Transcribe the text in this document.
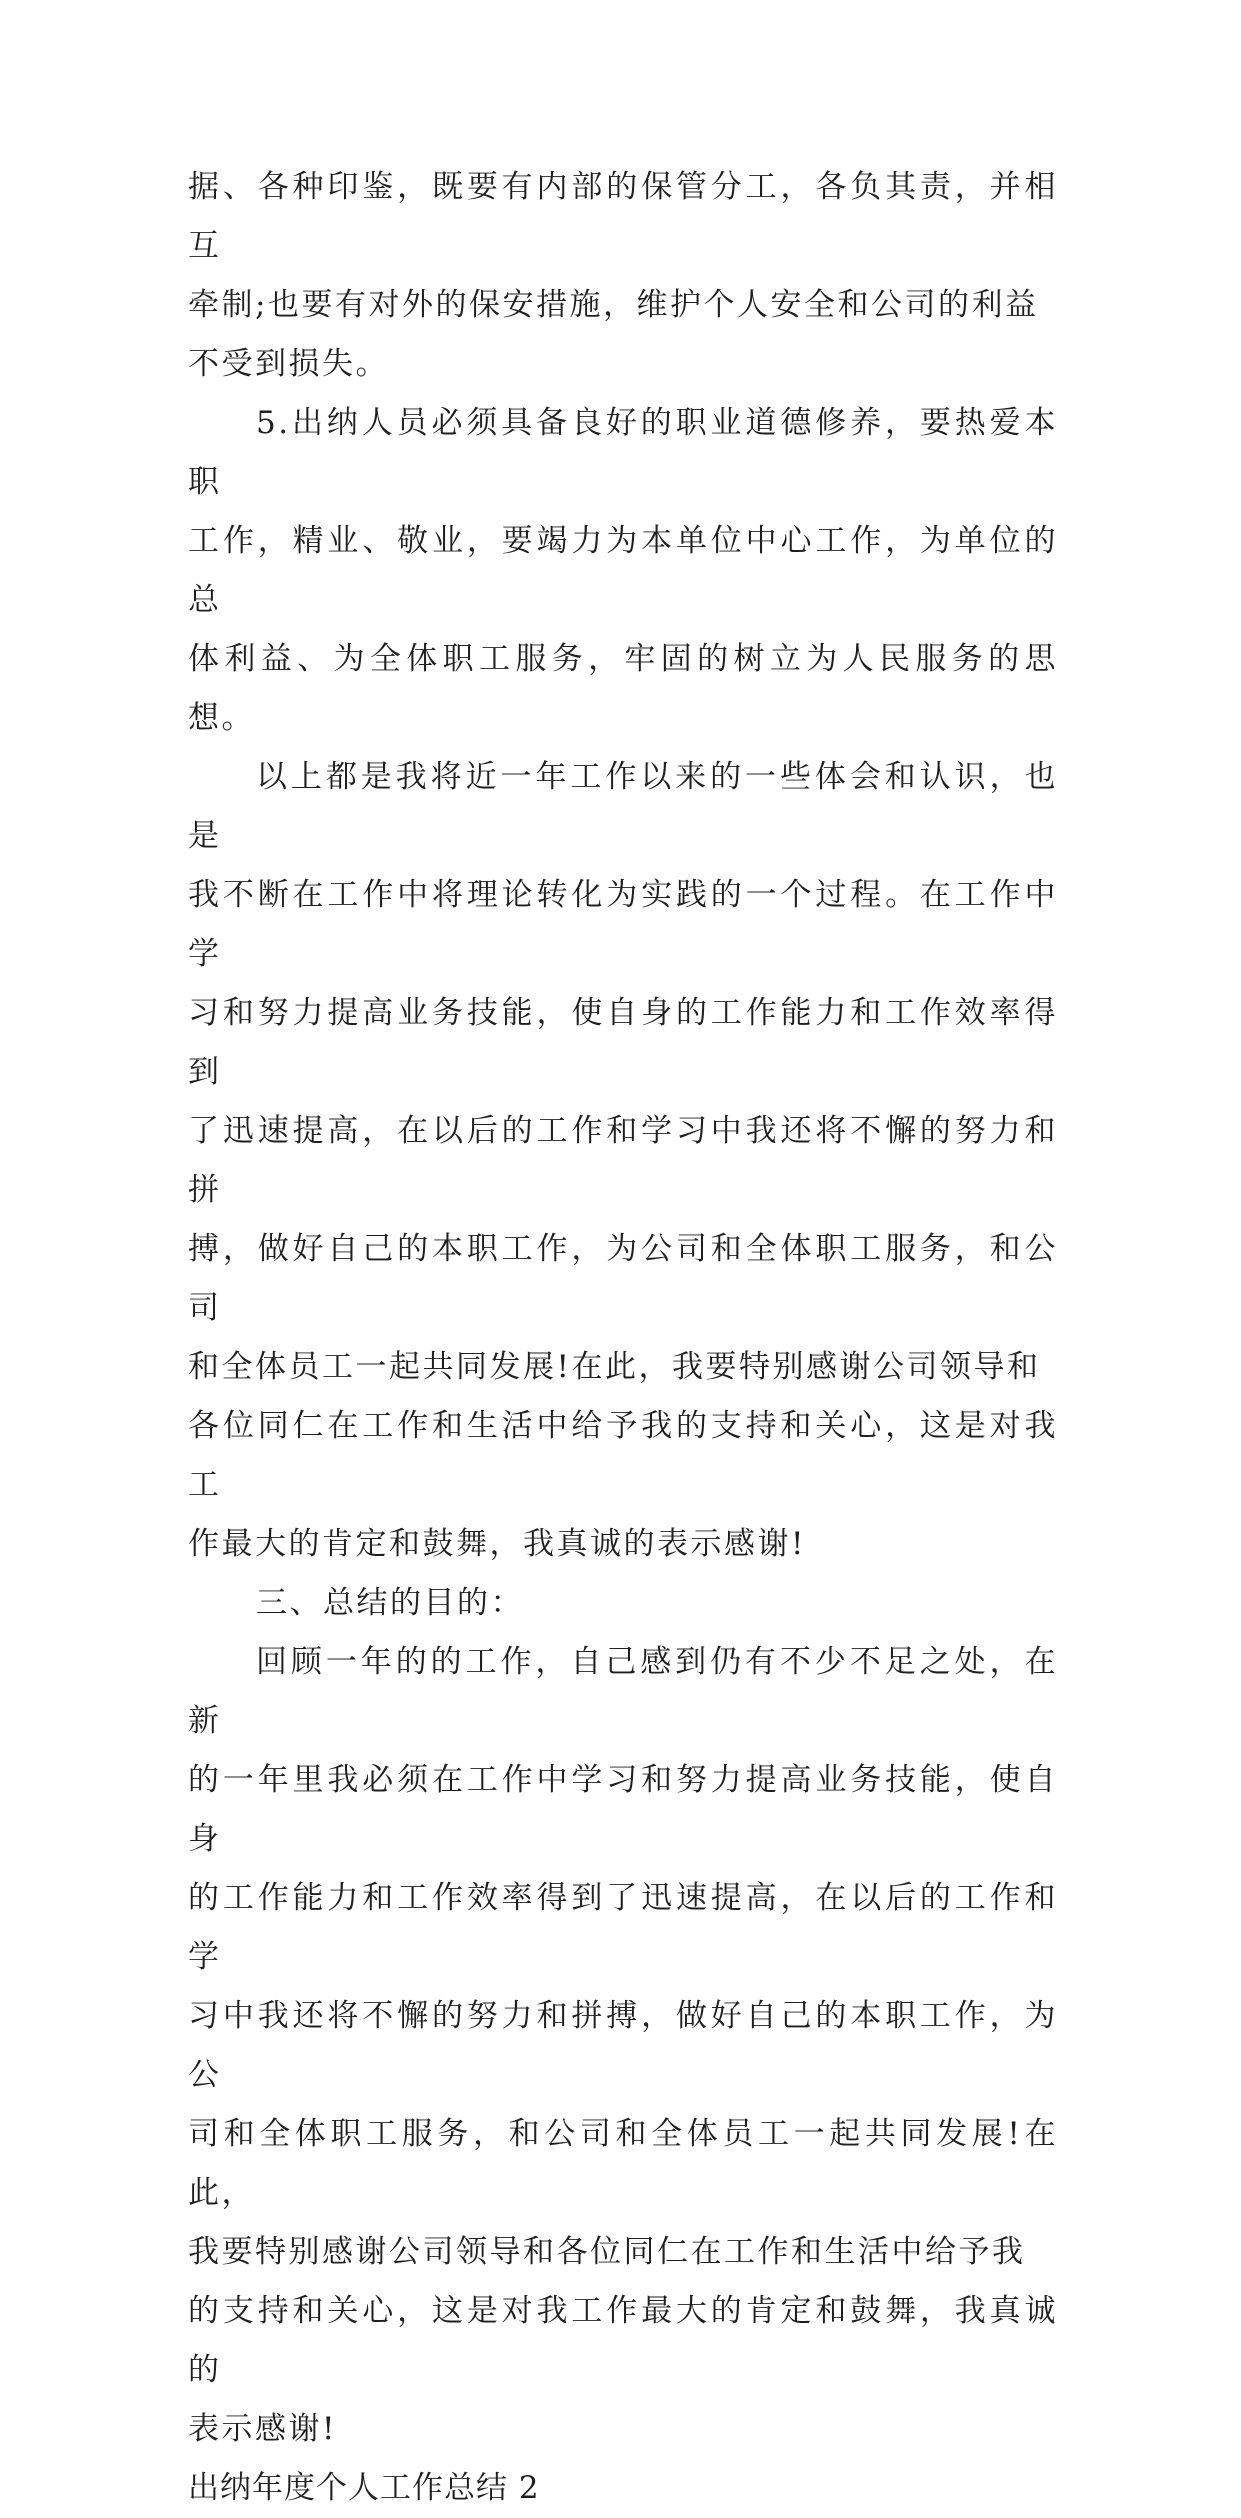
据、各种印鉴，既要有内部的保管分工，各负其责，并相互
牵制;也要有对外的保安措施，维护个人安全和公司的利益
不受到损失。

5.出纳人员必须具备良好的职业道德修养，要热爱本职
工作，精业、敬业，要竭力为本单位中心工作，为单位的总
体利益、为全体职工服务，牢固的树立为人民服务的思想。

以上都是我将近一年工作以来的一些体会和认识，也是
我不断在工作中将理论转化为实践的一个过程。在工作中学
习和努力提高业务技能，使自身的工作能力和工作效率得到
了迅速提高，在以后的工作和学习中我还将不懈的努力和拼
搏，做好自己的本职工作，为公司和全体职工服务，和公司
和全体员工一起共同发展!在此，我要特别感谢公司领导和
各位同仁在工作和生活中给予我的支持和关心，这是对我工
作最大的肯定和鼓舞，我真诚的表示感谢!

三、总结的目的：

回顾一年的的工作，自己感到仍有不少不足之处，在新
的一年里我必须在工作中学习和努力提高业务技能，使自身
的工作能力和工作效率得到了迅速提高，在以后的工作和学
习中我还将不懈的努力和拼搏，做好自己的本职工作，为公
司和全体职工服务，和公司和全体员工一起共同发展!在此，
我要特别感谢公司领导和各位同仁在工作和生活中给予我
的支持和关心，这是对我工作最大的肯定和鼓舞，我真诚的
表示感谢!

出纳年度个人工作总结 2
